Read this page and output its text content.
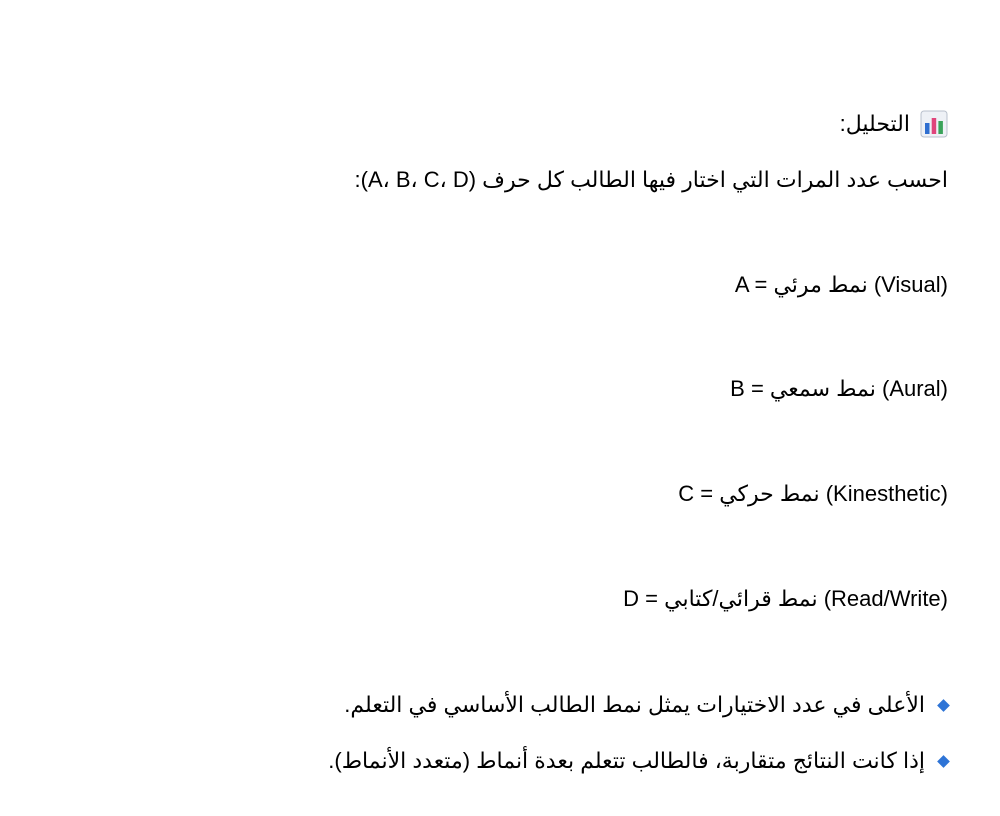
التحليل:
احسب عدد المرات التي اختار فيها الطالب كل حرف (A، B، C، D):
A = نمط مرئي (Visual)
B = نمط سمعي (Aural)
C = نمط حركي (Kinesthetic)
D = نمط قرائي/كتابي (Read/Write)
الأعلى في عدد الاختيارات يمثل نمط الطالب الأساسي في التعلم.
إذا كانت النتائج متقاربة، فالطالب تتعلم بعدة أنماط (متعدد الأنماط).
